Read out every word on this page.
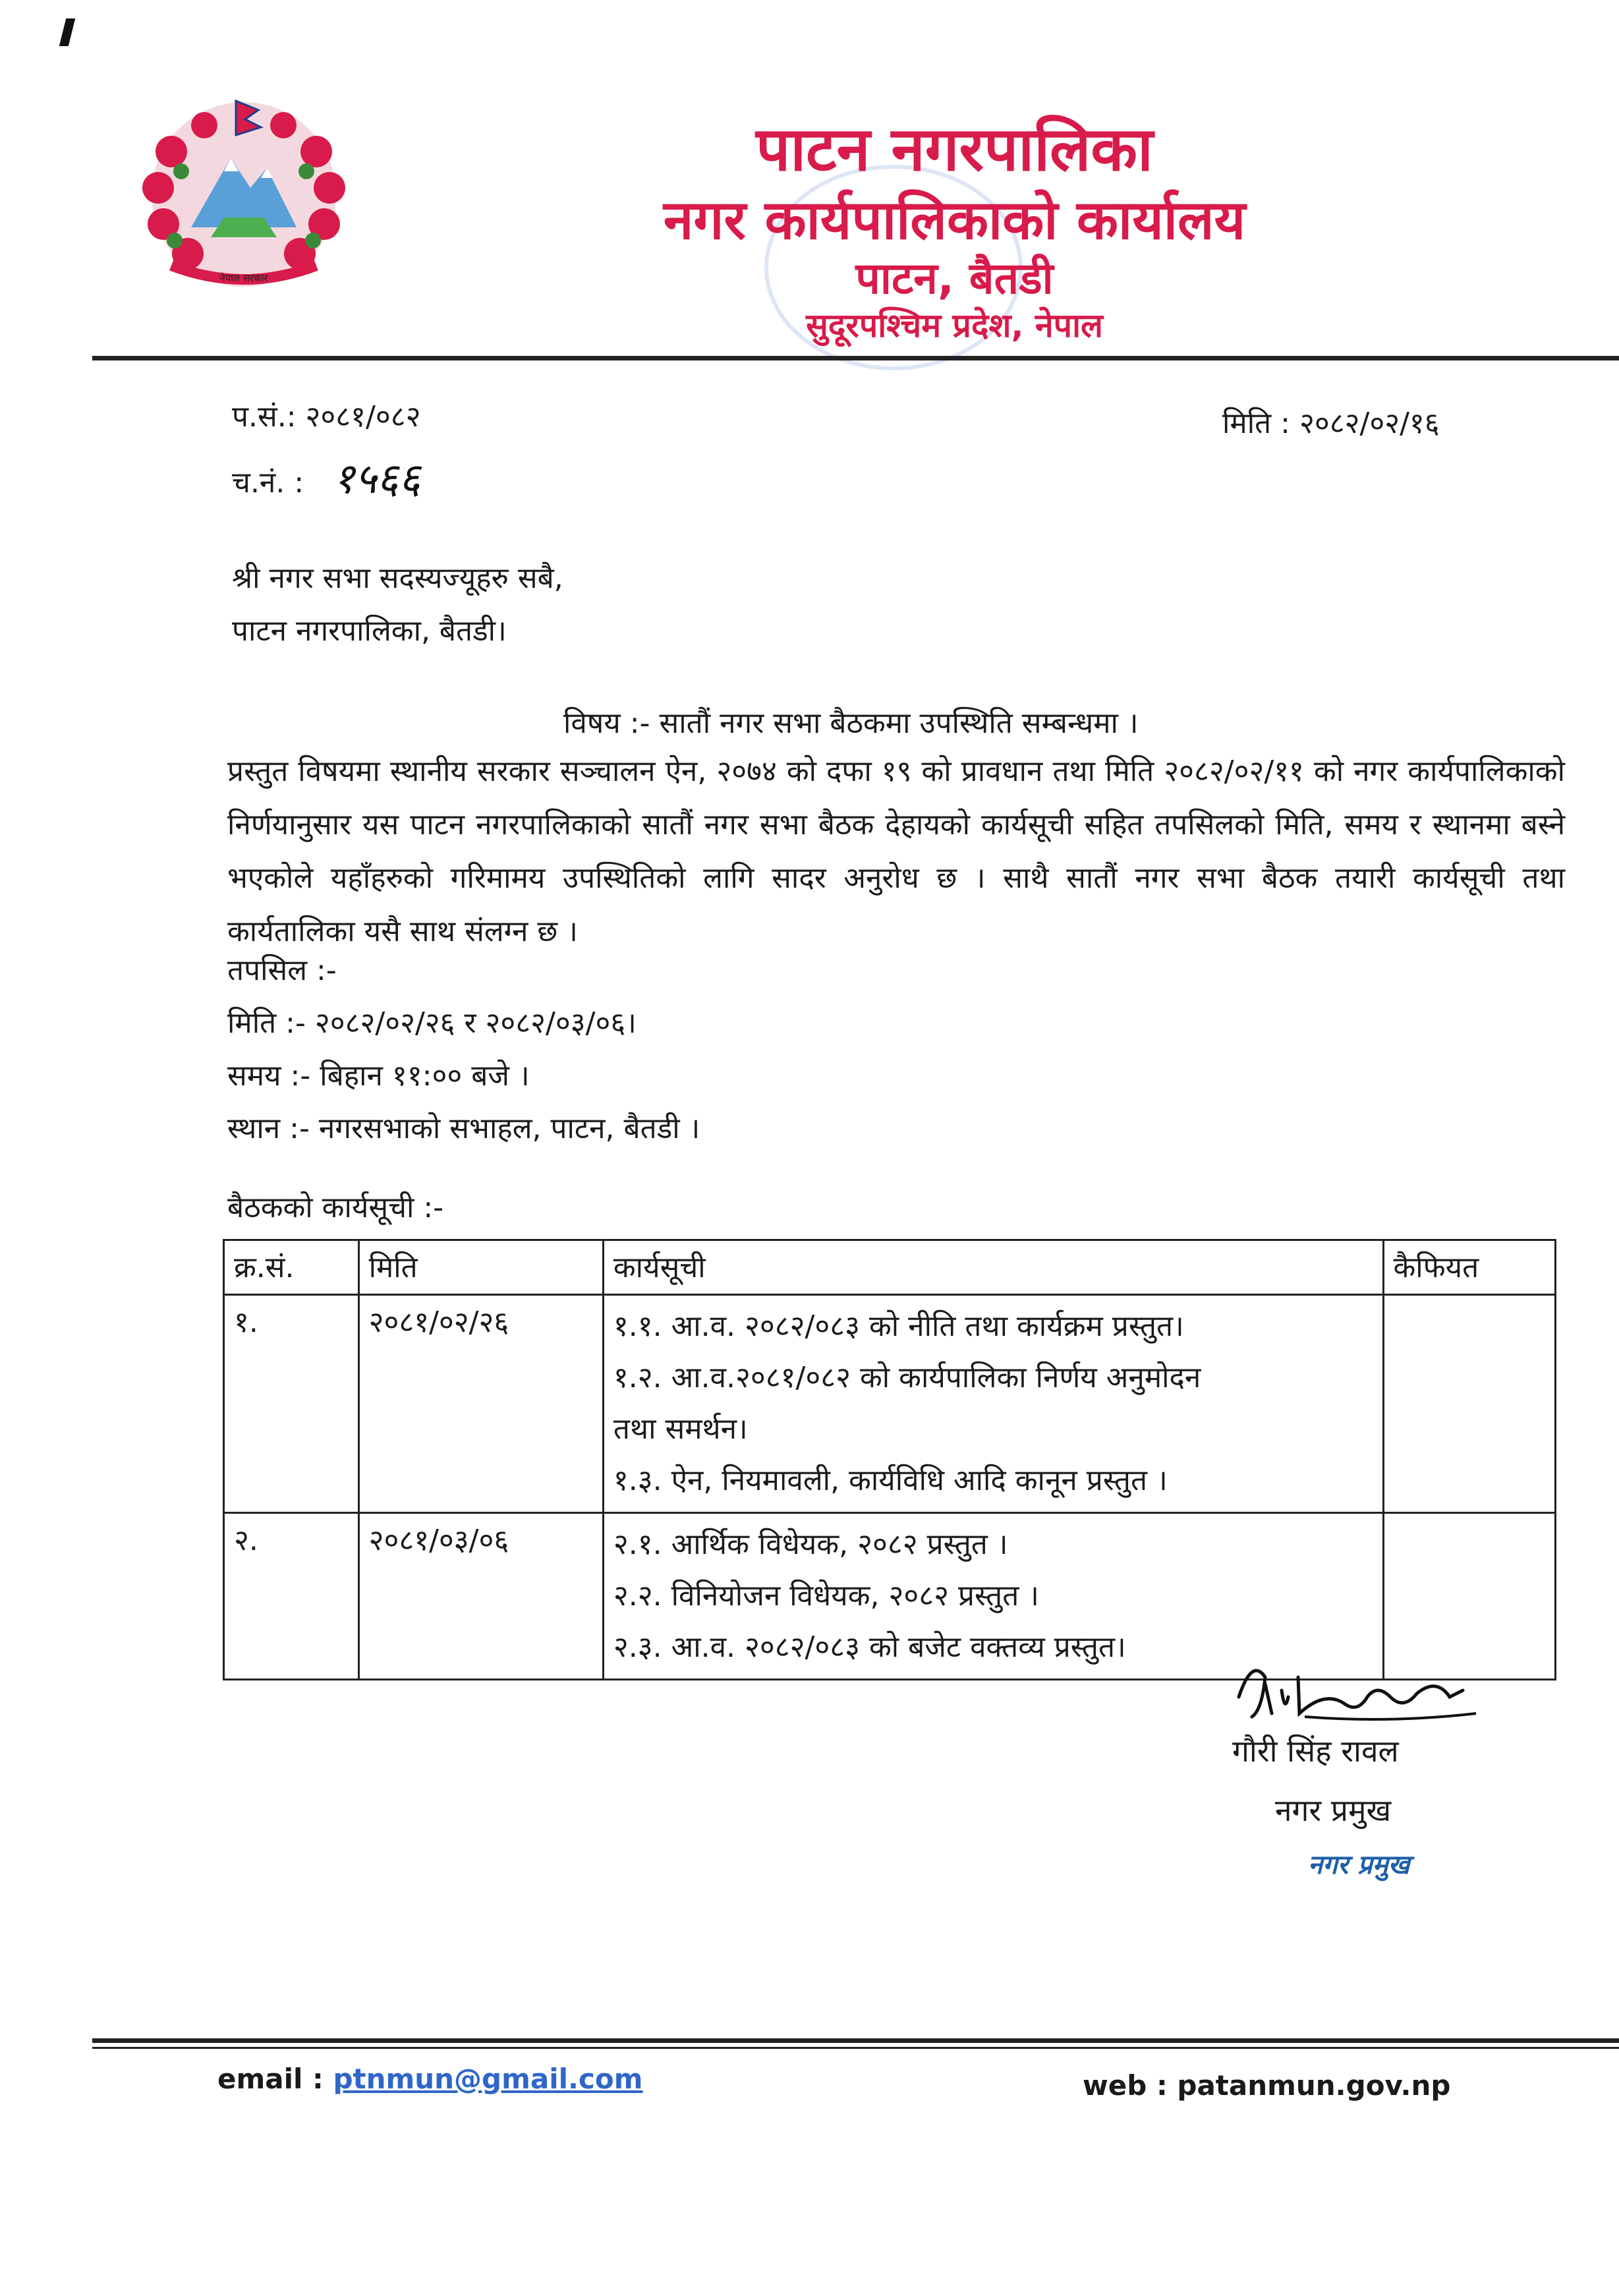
नेपाल सरकार
पाटन नगरपालिका
नगर कार्यपालिकाको कार्यालय
पाटन, बैतडी
सुदूरपश्चिम प्रदेश, नेपाल
प.सं.: २०८१/०८२	मिति : २०८२/०२/१६
च.नं. : १५६६
श्री नगर सभा सदस्यज्यूहरु सबै,
पाटन नगरपालिका, बैतडी।
विषय :- सातौं नगर सभा बैठकमा उपस्थिति सम्बन्धमा ।
प्रस्तुत विषयमा स्थानीय सरकार सञ्चालन ऐन, २०७४ को दफा १९ को प्रावधान तथा मिति २०८२/०२/११ को नगर कार्यपालिकाको निर्णयानुसार यस पाटन नगरपालिकाको सातौं नगर सभा बैठक देहायको कार्यसूची सहित तपसिलको मिति, समय र स्थानमा बस्ने भएकोले यहाँहरुको गरिमामय उपस्थितिको लागि सादर अनुरोध छ । साथै सातौं नगर सभा बैठक तयारी कार्यसूची तथा कार्यतालिका यसै साथ संलग्न छ ।
तपसिल :-
मिति :- २०८२/०२/२६ र २०८२/०३/०६।
समय :- बिहान ११:०० बजे ।
स्थान :- नगरसभाको सभाहल, पाटन, बैतडी ।
बैठकको कार्यसूची :-
क्र.सं.	मिति	कार्यसूची	कैफियत
१.	२०८१/०२/२६	१.१. आ.व. २०८२/०८३ को नीति तथा कार्यक्रम प्रस्तुत।
१.२. आ.व.२०८१/०८२ को कार्यपालिका निर्णय अनुमोदन
तथा समर्थन।
१.३. ऐन, नियमावली, कार्यविधि आदि कानून प्रस्तुत ।	

२.	२०८१/०३/०६	२.१. आर्थिक विधेयक, २०८२ प्रस्तुत ।
२.२. विनियोजन विधेयक, २०८२ प्रस्तुत ।
२.३. आ.व. २०८२/०८३ को बजेट वक्तव्य प्रस्तुत।	

गौरी सिंह रावल
नगर प्रमुख
नगर प्रमुख
email : ptnmun@gmail.com	web : patanmun.gov.np
